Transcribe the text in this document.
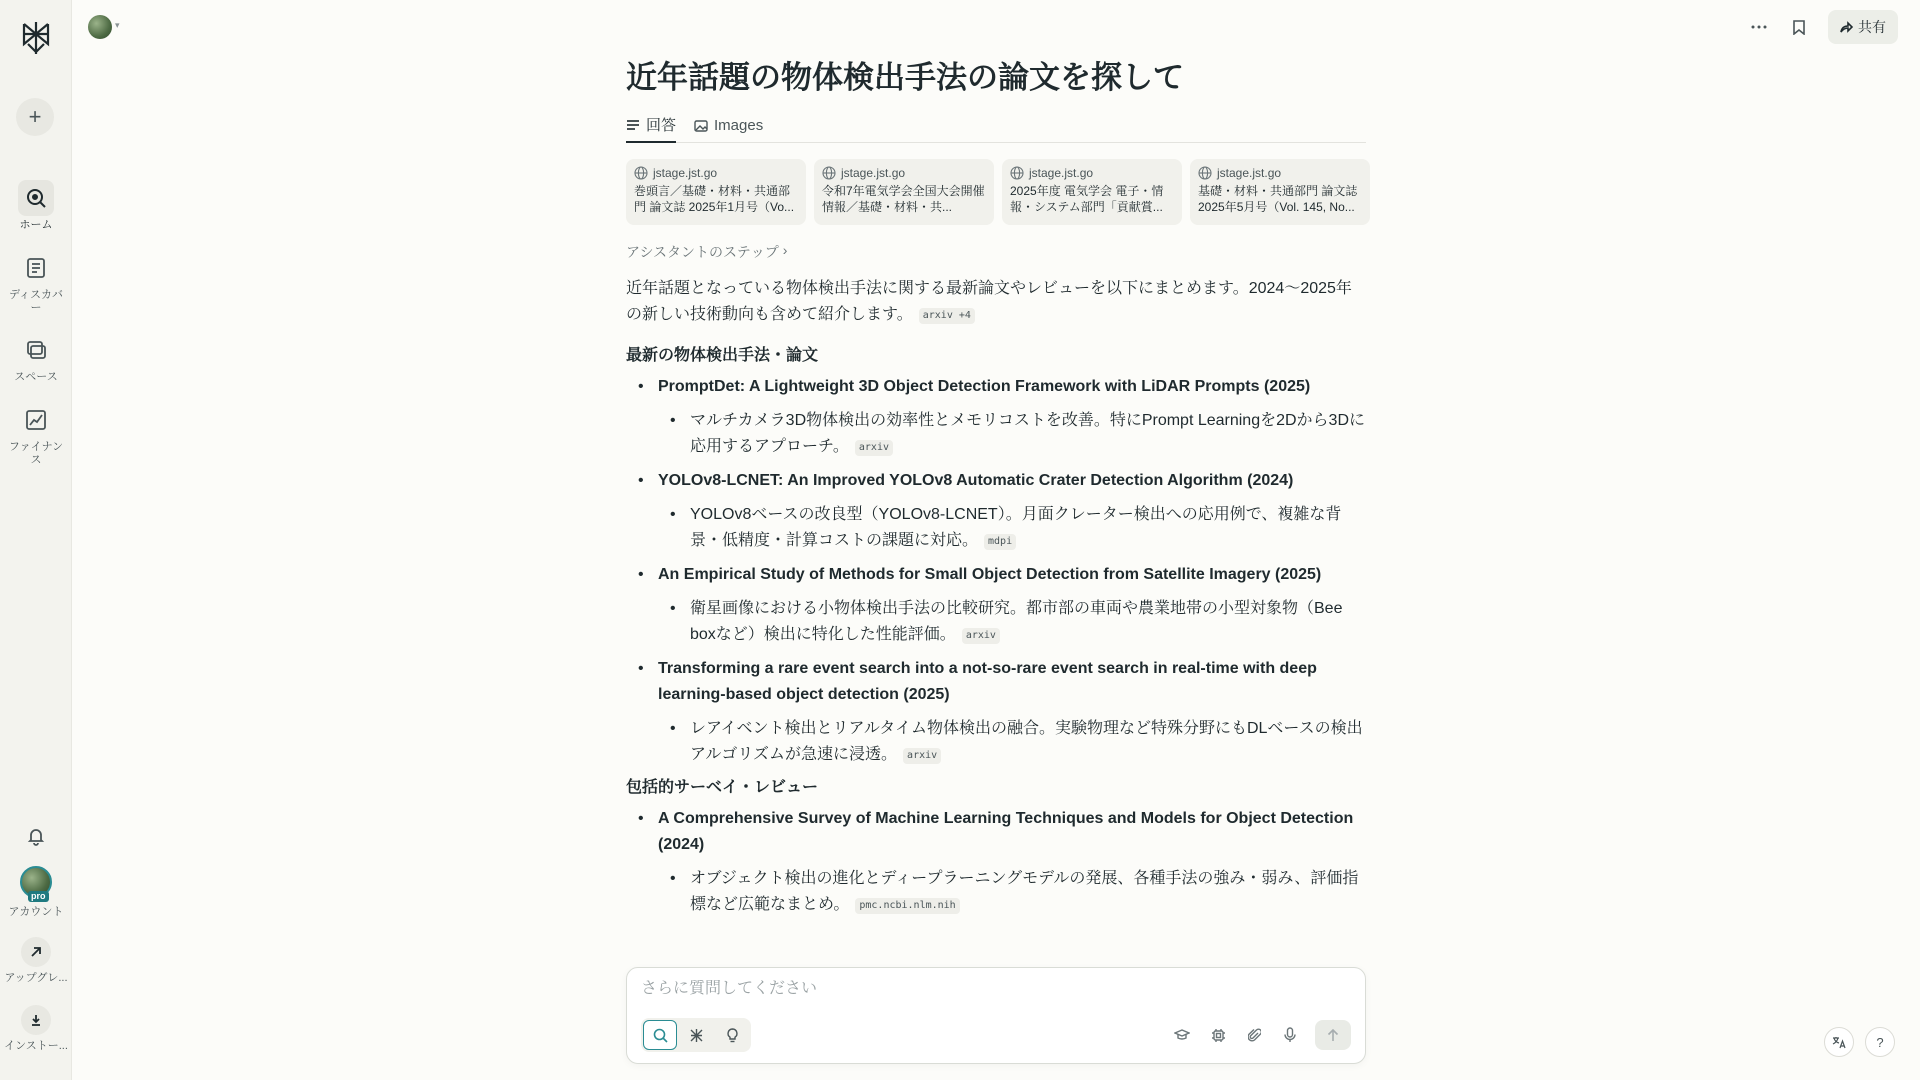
+
ホーム
ディスカバー
スペース
ファイナンス
pro
アカウント
アップグレ...
インストー...
▾	共有
近年話題の物体検出手法の論文を探して
回答	Images
jstage.jst.go
巻頭言／基礎・材料・共通部門 論文誌 2025年1月号（Vo...
jstage.jst.go
令和7年電気学会全国大会開催情報／基礎・材料・共...
jstage.jst.go
2025年度 電気学会 電子・情報・システム部門「貢献賞...
jstage.jst.go
基礎・材料・共通部門 論文誌 2025年5月号（Vol. 145, No...
アシスタントのステップ ›

近年話題となっている物体検出手法に関する最新論文やレビューを以下にまとめます。2024〜2025年の新しい技術動向も含めて紹介します。 arxiv +4

最新の物体検出手法・論文
• PromptDet: A Lightweight 3D Object Detection Framework with LiDAR Prompts (2025)
• マルチカメラ3D物体検出の効率性とメモリコストを改善。特にPrompt Learningを2Dから3Dに応用するアプローチ。 arxiv
• YOLOv8-LCNET: An Improved YOLOv8 Automatic Crater Detection Algorithm (2024)
• YOLOv8ベースの改良型（YOLOv8-LCNET）。月面クレーター検出への応用例で、複雑な背景・低精度・計算コストの課題に対応。 mdpi
• An Empirical Study of Methods for Small Object Detection from Satellite Imagery (2025)
• 衛星画像における小物体検出手法の比較研究。都市部の車両や農業地帯の小型対象物（Bee boxなど）検出に特化した性能評価。 arxiv
• Transforming a rare event search into a not-so-rare event search in real-time with deep learning-based object detection (2025)
• レアイベント検出とリアルタイム物体検出の融合。実験物理など特殊分野にもDLベースの検出アルゴリズムが急速に浸透。 arxiv
包括的サーベイ・レビュー
• A Comprehensive Survey of Machine Learning Techniques and Models for Object Detection (2024)
• オブジェクト検出の進化とディープラーニングモデルの発展、各種手法の強み・弱み、評価指標など広範なまとめ。 pmc.ncbi.nlm.nih
さらに質問してください
?
